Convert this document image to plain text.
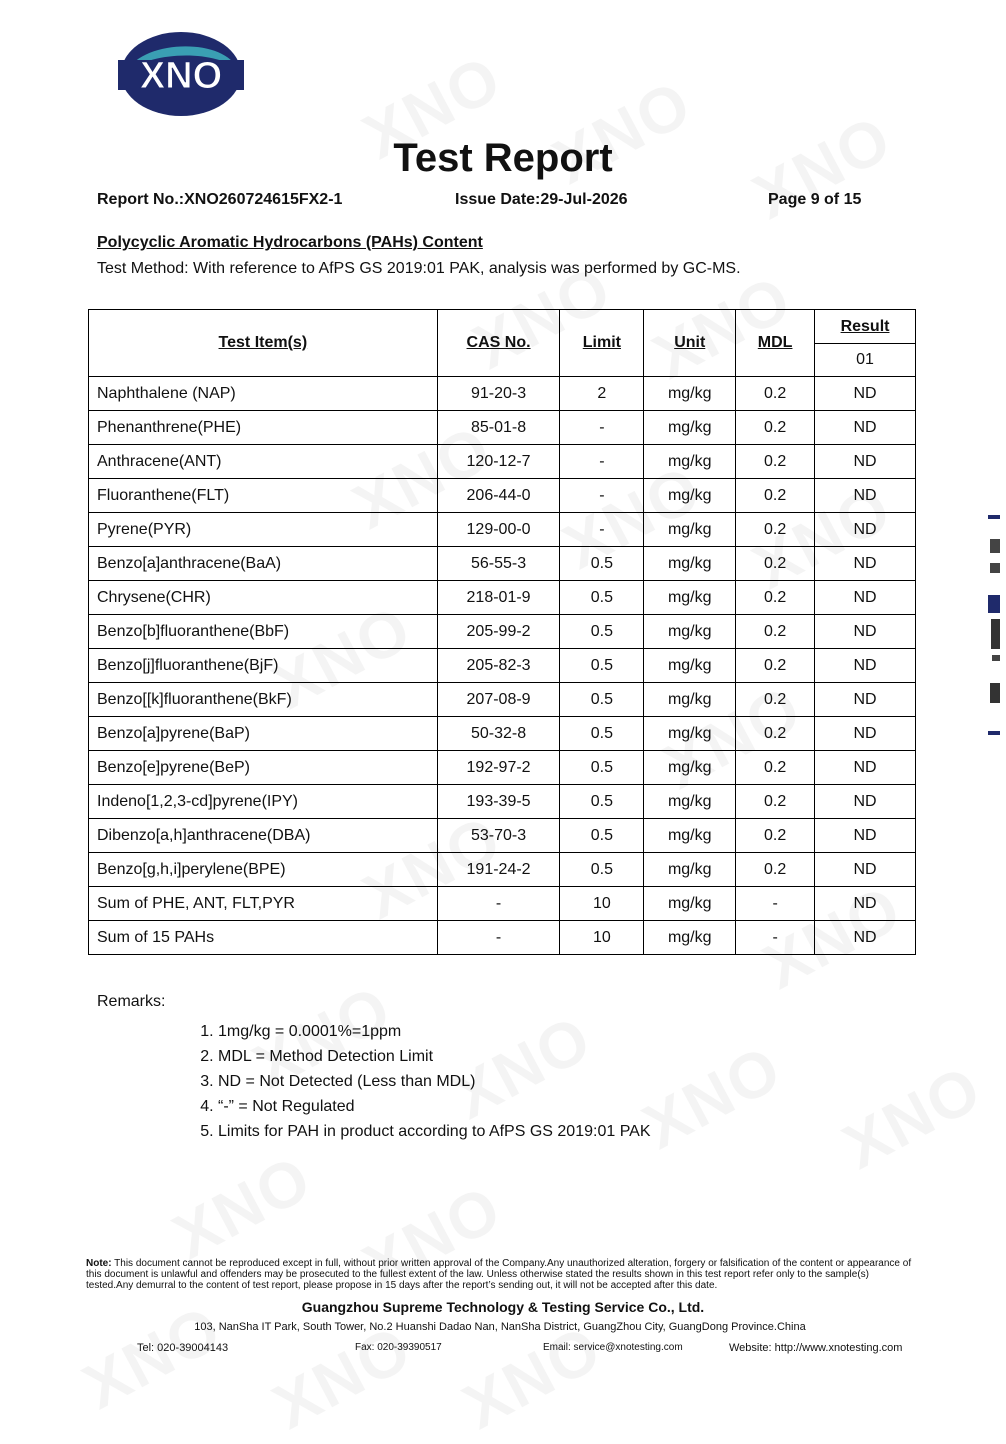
XNO
Test Report
Report No.:XNO260724615FX2-1	Issue Date:29-Jul-2026	Page 9 of 15
Polycyclic Aromatic Hydrocarbons (PAHs) Content
Test Method: With reference to AfPS GS 2019:01 PAK, analysis was performed by GC-MS.
Test Item(s)	CAS No.	Limit	Unit	MDL	Result
					01
Naphthalene (NAP)	91-20-3	2	mg/kg	0.2	ND
Phenanthrene(PHE)	85-01-8	-	mg/kg	0.2	ND
Anthracene(ANT)	120-12-7	-	mg/kg	0.2	ND
Fluoranthene(FLT)	206-44-0	-	mg/kg	0.2	ND
Pyrene(PYR)	129-00-0	-	mg/kg	0.2	ND
Benzo[a]anthracene(BaA)	56-55-3	0.5	mg/kg	0.2	ND
Chrysene(CHR)	218-01-9	0.5	mg/kg	0.2	ND
Benzo[b]fluoranthene(BbF)	205-99-2	0.5	mg/kg	0.2	ND
Benzo[j]fluoranthene(BjF)	205-82-3	0.5	mg/kg	0.2	ND
Benzo[[k]fluoranthene(BkF)	207-08-9	0.5	mg/kg	0.2	ND
Benzo[a]pyrene(BaP)	50-32-8	0.5	mg/kg	0.2	ND
Benzo[e]pyrene(BeP)	192-97-2	0.5	mg/kg	0.2	ND
Indeno[1,2,3-cd]pyrene(IPY)	193-39-5	0.5	mg/kg	0.2	ND
Dibenzo[a,h]anthracene(DBA)	53-70-3	0.5	mg/kg	0.2	ND
Benzo[g,h,i]perylene(BPE)	191-24-2	0.5	mg/kg	0.2	ND
Sum of PHE, ANT, FLT,PYR	-	10	mg/kg	-	ND
Sum of 15 PAHs	-	10	mg/kg	-	ND
Remarks:
1. 1mg/kg = 0.0001%=1ppm
2. MDL = Method Detection Limit
3. ND = Not Detected (Less than MDL)
4. “-” = Not Regulated
5. Limits for PAH in product according to AfPS GS 2019:01 PAK
Note: This document cannot be reproduced except in full, without prior written approval of the Company.Any unauthorized alteration, forgery or falsification of the content or appearance of this document is unlawful and offenders may be prosecuted to the fullest extent of the law. Unless otherwise stated the results shown in this test report refer only to the sample(s) tested.Any demurral to the content of test report, please propose in 15 days after the report’s sending out, it will not be accepted after this date.
Guangzhou Supreme Technology & Testing Service Co., Ltd.
103, NanSha IT Park, South Tower, No.2 Huanshi Dadao Nan, NanSha District, GuangZhou City, GuangDong Province.China
Tel: 020-39004143	Fax: 020-39390517	Email: service@xnotesting.com	Website: http://www.xnotesting.com
